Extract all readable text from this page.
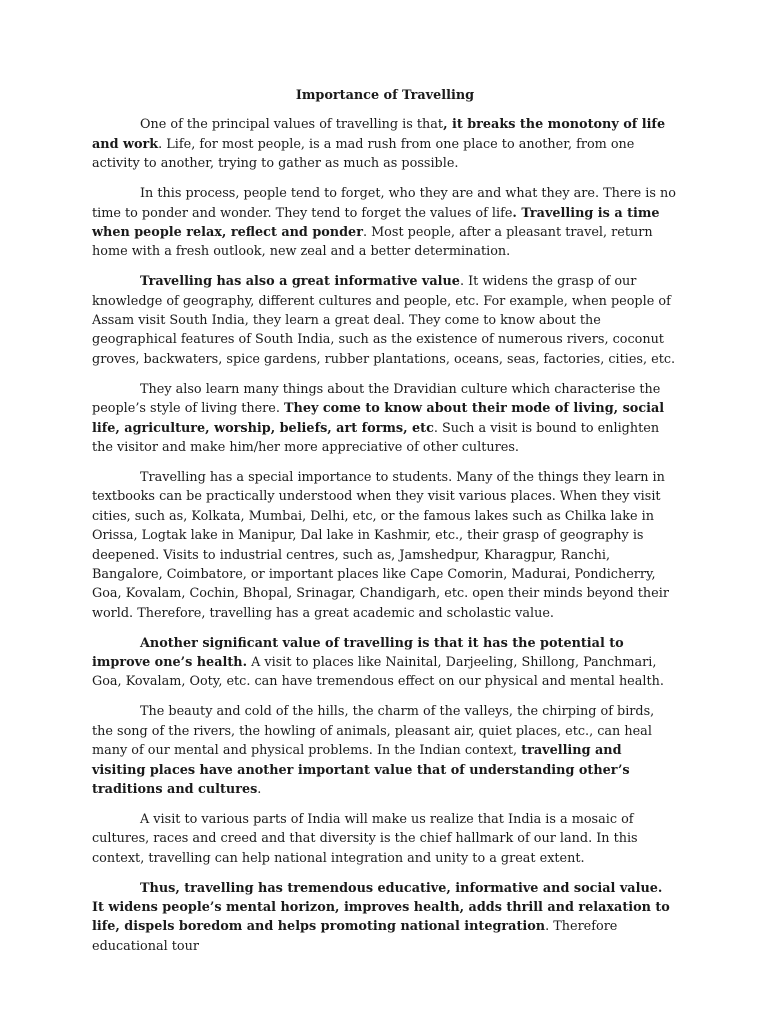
Importance of Travelling

One of the principal values of travelling is that, it breaks the monotony of life and work. Life, for most people, is a mad rush from one place to another, from one activity to another, trying to gather as much as possible.

In this process, people tend to forget, who they are and what they are. There is no time to ponder and wonder. They tend to forget the values of life. Travelling is a time when people relax, reflect and ponder. Most people, after a pleasant travel, return home with a fresh outlook, new zeal and a better determination.

Travelling has also a great informative value. It widens the grasp of our knowledge of geography, different cultures and people, etc. For example, when people of Assam visit South India, they learn a great deal. They come to know about the geographical features of South India, such as the existence of numerous rivers, coconut groves, backwaters, spice gardens, rubber plantations, oceans, seas, factories, cities, etc.

They also learn many things about the Dravidian culture which characterise the people’s style of living there. They come to know about their mode of living, social life, agriculture, worship, beliefs, art forms, etc. Such a visit is bound to enlighten the visitor and make him/her more appreciative of other cultures.

Travelling has a special importance to students. Many of the things they learn in textbooks can be practically understood when they visit various places. When they visit cities, such as, Kolkata, Mumbai, Delhi, etc, or the famous lakes such as Chilka lake in Orissa, Logtak lake in Manipur, Dal lake in Kashmir, etc., their grasp of geography is deepened. Visits to industrial centres, such as, Jamshedpur, Kharagpur, Ranchi, Bangalore, Coimbatore, or important places like Cape Comorin, Madurai, Pondicherry, Goa, Kovalam, Cochin, Bhopal, Srinagar, Chandigarh, etc. open their minds beyond their world. Therefore, travelling has a great academic and scholastic value.

Another significant value of travelling is that it has the potential to improve one’s health. A visit to places like Nainital, Darjeeling, Shillong, Panchmari, Goa, Kovalam, Ooty, etc. can have tremendous effect on our physical and mental health.

The beauty and cold of the hills, the charm of the valleys, the chirping of birds, the song of the rivers, the howling of animals, pleasant air, quiet places, etc., can heal many of our mental and physical problems. In the Indian context, travelling and visiting places have another important value that of understanding other’s traditions and cultures.

A visit to various parts of India will make us realize that India is a mosaic of cultures, races and creed and that diversity is the chief hallmark of our land. In this context, travelling can help national integration and unity to a great extent.

Thus, travelling has tremendous educative, informative and social value. It widens people’s mental horizon, improves health, adds thrill and relaxation to life, dispels boredom and helps promoting national integration. Therefore educational tour
